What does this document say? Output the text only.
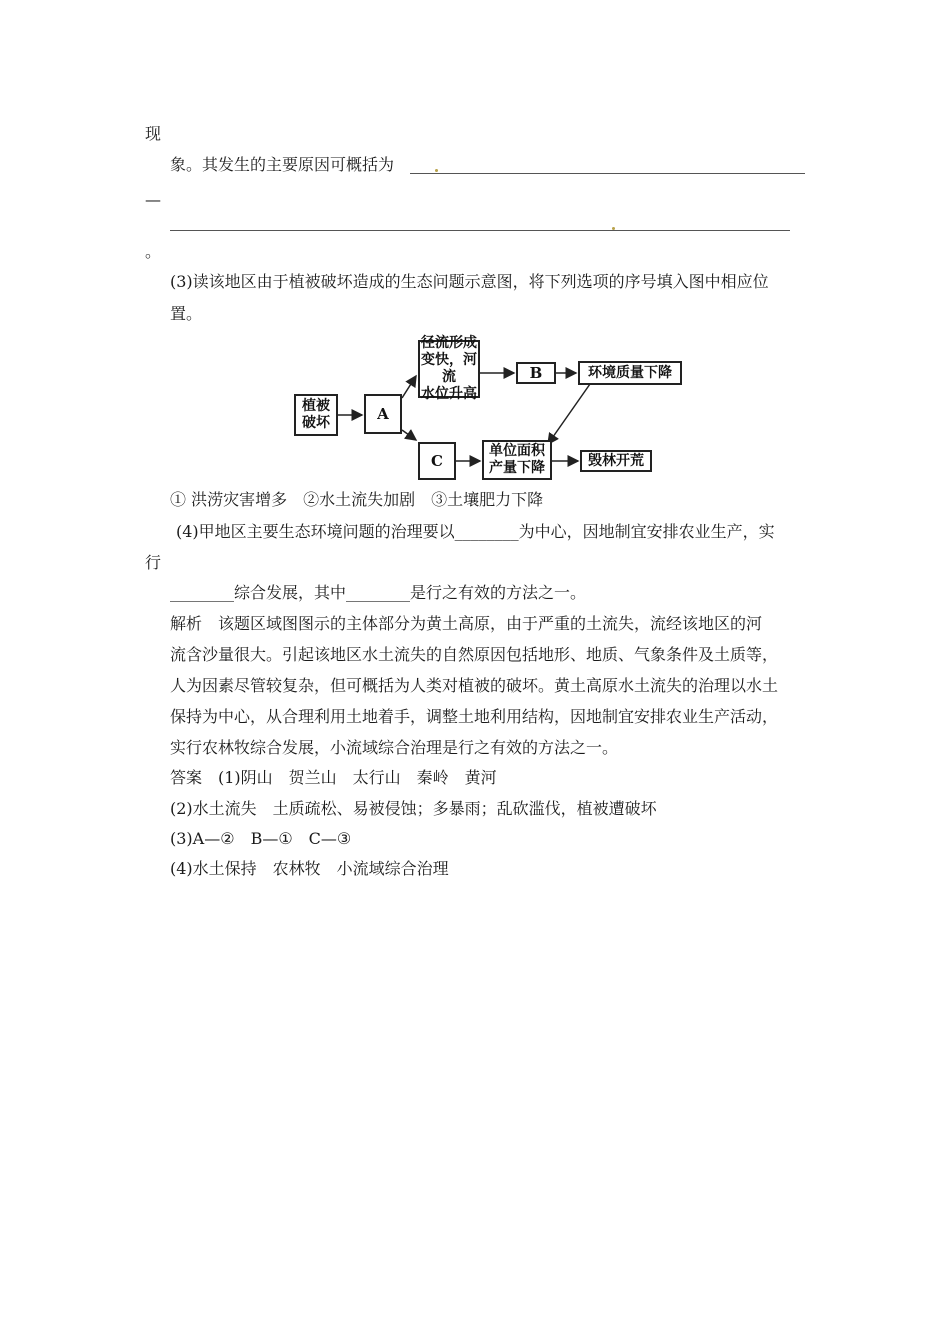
现
象。其发生的主要原因可概括为
—
。
(3)读该地区由于植被破坏造成的生态问题示意图，将下列选项的序号填入图中相应位
置。
植被
破坏
A
径流形成
变快，河流
水位升高
B	环境质量下降
C
单位面积
产量下降	毁林开荒
① 洪涝灾害增多　②水土流失加剧　③土壤肥力下降
(4)甲地区主要生态环境问题的治理要以________为中心，因地制宜安排农业生产，实
行
________综合发展，其中________是行之有效的方法之一。
解析　该题区域图图示的主体部分为黄土高原，由于严重的土流失，流经该地区的河
流含沙量很大。引起该地区水土流失的自然原因包括地形、地质、气象条件及土质等，
人为因素尽管较复杂，但可概括为人类对植被的破坏。黄土高原水土流失的治理以水土
保持为中心，从合理利用土地着手，调整土地利用结构，因地制宜安排农业生产活动，
实行农林牧综合发展，小流域综合治理是行之有效的方法之一。
答案　(1)阴山　贺兰山　太行山　秦岭　黄河
(2)水土流失　土质疏松、易被侵蚀；多暴雨；乱砍滥伐，植被遭破坏
(3)A—②　B—①　C—③
(4)水土保持　农林牧　小流域综合治理
